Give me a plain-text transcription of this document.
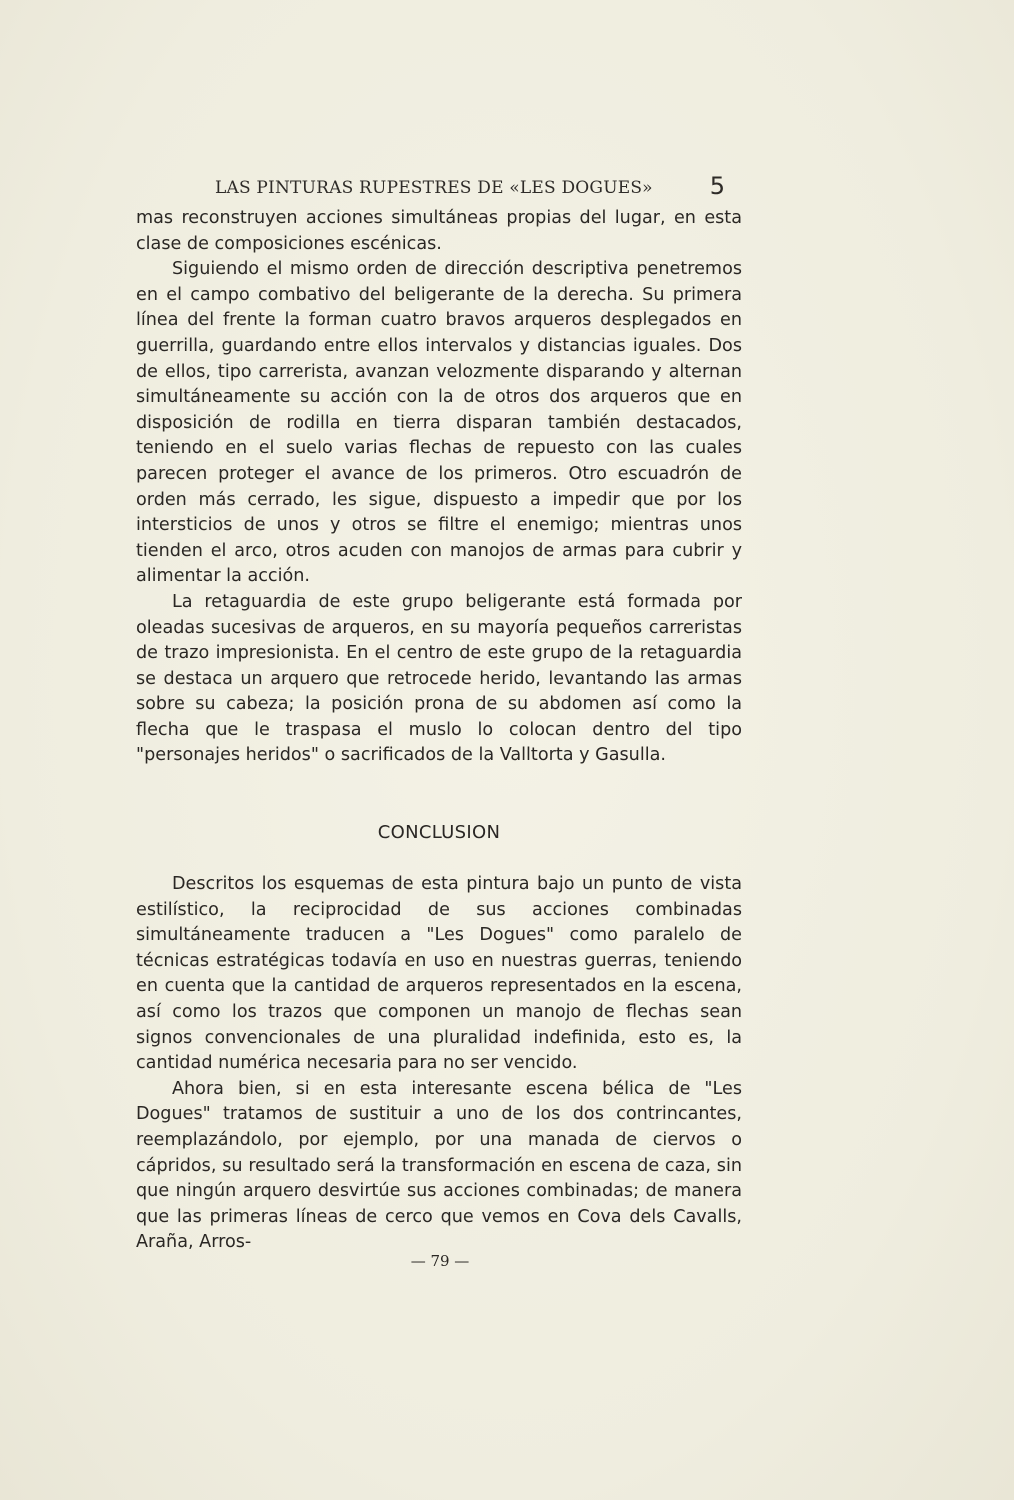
LAS PINTURAS RUPESTRES DE «LES DOGUES» 5

mas reconstruyen acciones simultáneas propias del lugar, en esta clase de composiciones escénicas.

Siguiendo el mismo orden de dirección descriptiva penetremos en el campo combativo del beligerante de la derecha. Su primera línea del frente la forman cuatro bravos arqueros desplegados en guerrilla, guardando entre ellos intervalos y distancias iguales. Dos de ellos, tipo carrerista, avanzan velozmente disparando y alternan simultáneamente su acción con la de otros dos arqueros que en disposición de rodilla en tierra disparan también destacados, teniendo en el suelo varias flechas de repuesto con las cuales parecen proteger el avance de los primeros. Otro escuadrón de orden más cerrado, les sigue, dispuesto a impedir que por los intersticios de unos y otros se filtre el enemigo; mientras unos tienden el arco, otros acuden con manojos de armas para cubrir y alimentar la acción.

La retaguardia de este grupo beligerante está formada por oleadas sucesivas de arqueros, en su mayoría pequeños carreristas de trazo impresionista. En el centro de este grupo de la retaguardia se destaca un arquero que retrocede herido, levantando las armas sobre su cabeza; la posición prona de su abdomen así como la flecha que le traspasa el muslo lo colocan dentro del tipo "personajes heridos" o sacrificados de la Valltorta y Gasulla.

CONCLUSION

Descritos los esquemas de esta pintura bajo un punto de vista estilístico, la reciprocidad de sus acciones combinadas simultáneamente traducen a "Les Dogues" como paralelo de técnicas estratégicas todavía en uso en nuestras guerras, teniendo en cuenta que la cantidad de arqueros representados en la escena, así como los trazos que componen un manojo de flechas sean signos convencionales de una pluralidad indefinida, esto es, la cantidad numérica necesaria para no ser vencido.

Ahora bien, si en esta interesante escena bélica de "Les Dogues" tratamos de sustituir a uno de los dos contrincantes, reemplazándolo, por ejemplo, por una manada de ciervos o cápridos, su resultado será la transformación en escena de caza, sin que ningún arquero desvirtúe sus acciones combinadas; de manera que las primeras líneas de cerco que vemos en Cova dels Cavalls, Araña, Arros-

— 79 —
